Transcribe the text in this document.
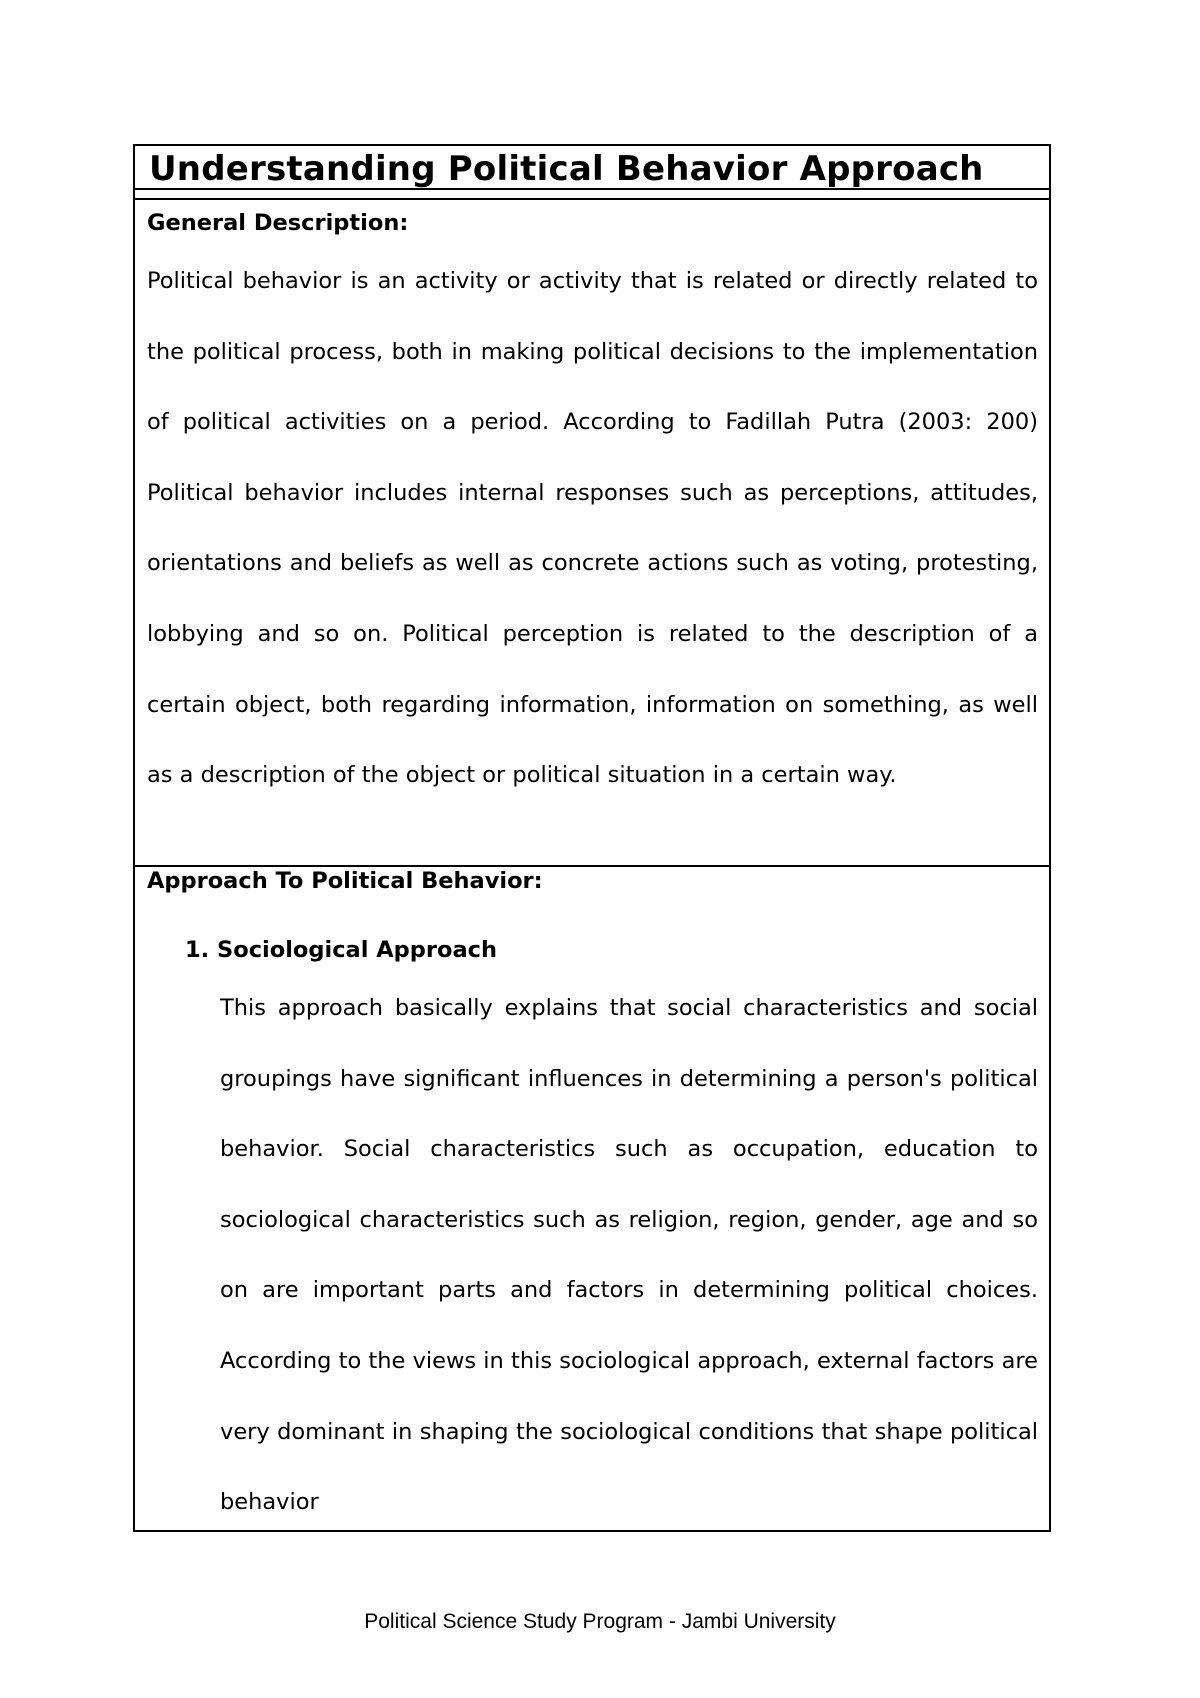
Understanding Political Behavior Approach

General Description:

Political behavior is an activity or activity that is related or directly related to the political process, both in making political decisions to the implementation of political activities on a period. According to Fadillah Putra (2003: 200) Political behavior includes internal responses such as perceptions, attitudes, orientations and beliefs as well as concrete actions such as voting, protesting, lobbying and so on. Political perception is related to the description of a certain object, both regarding information, information on something, as well as a description of the object or political situation in a certain way.

Approach To Political Behavior:

1. Sociological Approach

This approach basically explains that social characteristics and social groupings have significant influences in determining a person's political behavior. Social characteristics such as occupation, education to sociological characteristics such as religion, region, gender, age and so on are important parts and factors in determining political choices. According to the views in this sociological approach, external factors are very dominant in shaping the sociological conditions that shape political behavior

Political Science Study Program - Jambi University
